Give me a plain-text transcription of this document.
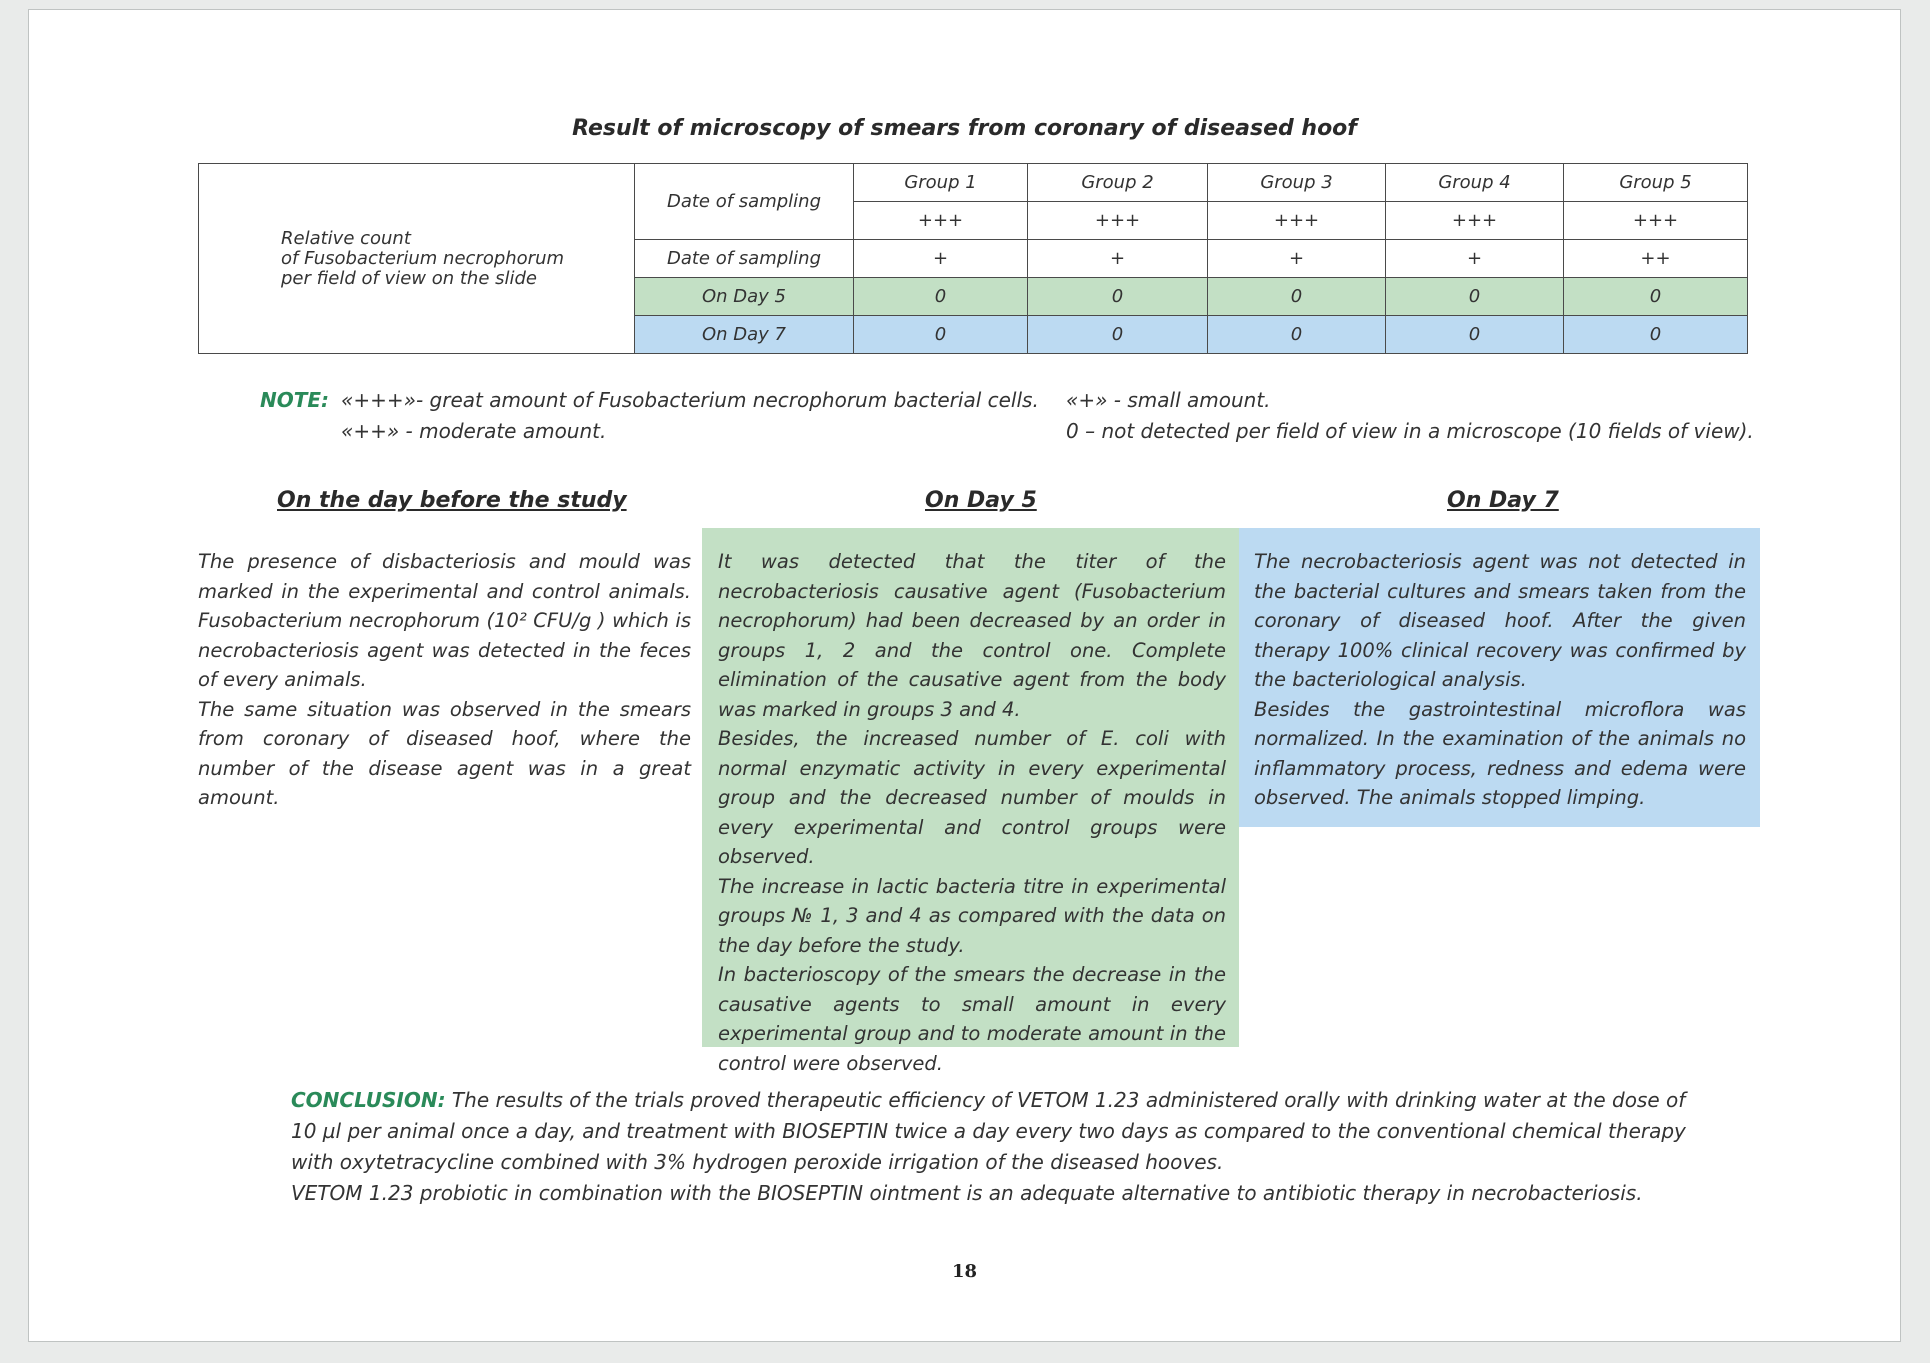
Result of microscopy of smears from coronary of diseased hoof
Relative count
of Fusobacterium necrophorum
per field of view on the slide	Date of sampling	Group 1	Group 2	Group 3	Group 4	Group 5
		+++	+++	+++	+++	+++
	Date of sampling	+	+	+	+	++
	On Day 5	0	0	0	0	0
	On Day 7	0	0	0	0	0
NOTE: «+++»- great amount of Fusobacterium necrophorum bacterial cells.
«++» - moderate amount.
«+» - small amount.
0 – not detected per field of view in a microscope (10 fields of view).
On the day before the study	On Day 5	On Day 7

The presence of disbacteriosis and mould was marked in the experimental and control animals. Fusobacterium necrophorum (10² CFU/g ) which is necrobacteriosis agent was detected in the feces of every animals.

The same situation was observed in the smears from coronary of diseased hoof, where the number of the disease agent was in a great amount.

It was detected that the titer of the necrobacteriosis causative agent (Fusobacterium necrophorum) had been decreased by an order in groups 1, 2 and the control one. Complete elimination of the causative agent from the body was marked in groups 3 and 4.

Besides, the increased number of E. coli with normal enzymatic activity in every experimental group and the decreased number of moulds in every experimental and control groups were observed.

The increase in lactic bacteria titre in experimental groups № 1, 3 and 4 as compared with the data on the day before the study.

In bacterioscopy of the smears the decrease in the causative agents to small amount in every experimental group and to moderate amount in the control were observed.

The necrobacteriosis agent was not detected in the bacterial cultures and smears taken from the coronary of diseased hoof. After the given therapy 100% clinical recovery was confirmed by the bacteriological analysis.

Besides the gastrointestinal microflora was normalized. In the examination of the animals no inflammatory process, redness and edema were observed. The animals stopped limping.

CONCLUSION: The results of the trials proved therapeutic efficiency of VETOM 1.23 administered orally with drinking water at the dose of 10 µl per animal once a day, and treatment with BIOSEPTIN twice a day every two days as compared to the conventional chemical therapy with oxytetracycline combined with 3% hydrogen peroxide irrigation of the diseased hooves.
VETOM 1.23 probiotic in combination with the BIOSEPTIN ointment is an adequate alternative to antibiotic therapy in necrobacteriosis.
18
